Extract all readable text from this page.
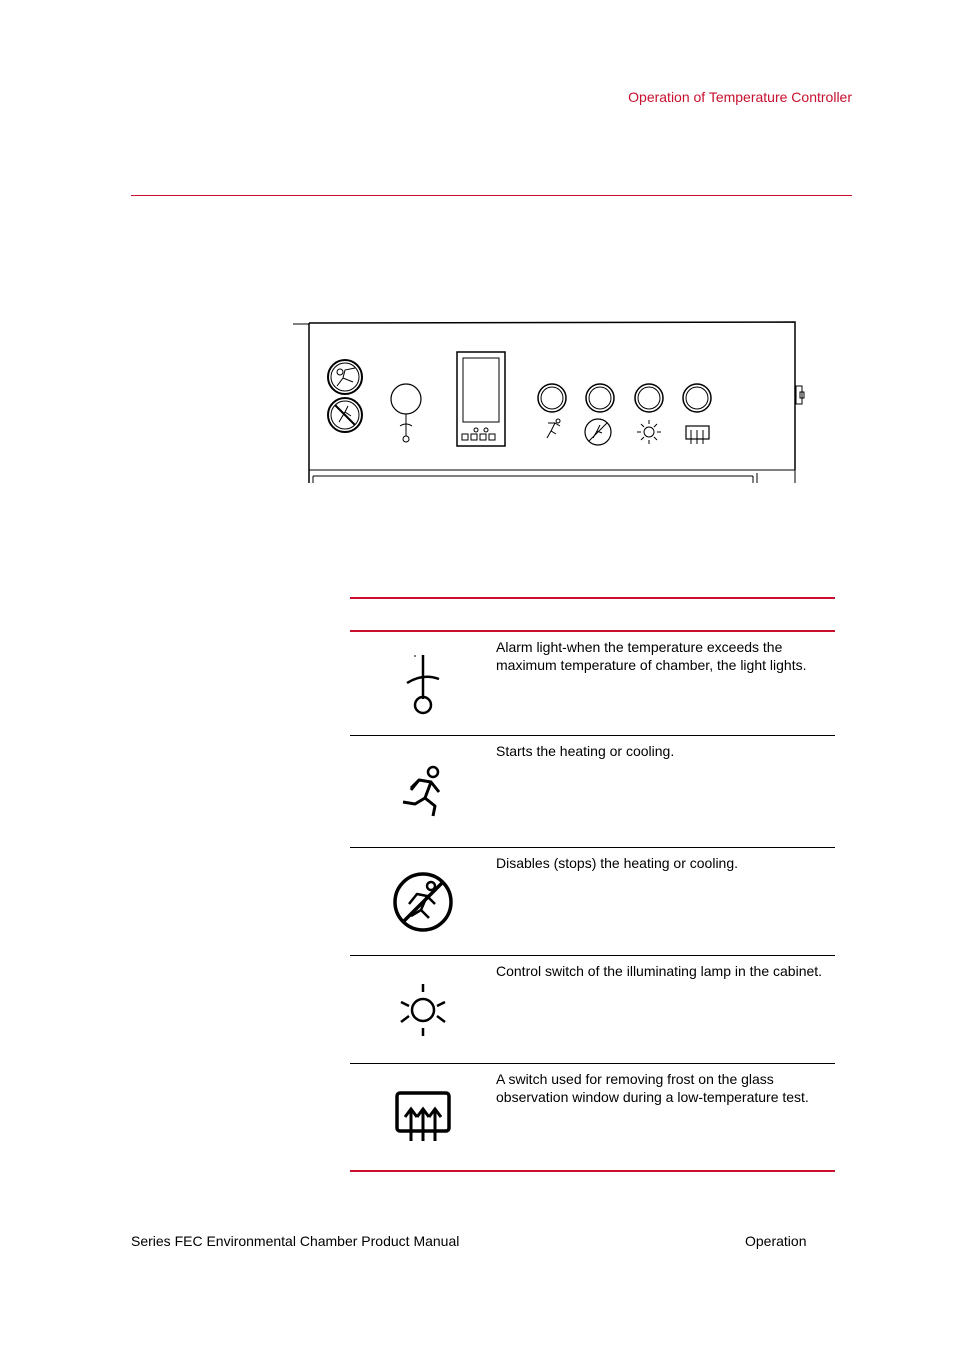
Operation of Temperature Controller
Alarm light-when the temperature exceeds the maximum temperature of chamber, the light lights.
Starts the heating or cooling.
Disables (stops) the heating or cooling.
Control switch of the illuminating lamp in the cabinet.
A switch used for removing frost on the glass observation window during a low-temperature test.
Series FEC Environmental Chamber Product Manual	Operation
